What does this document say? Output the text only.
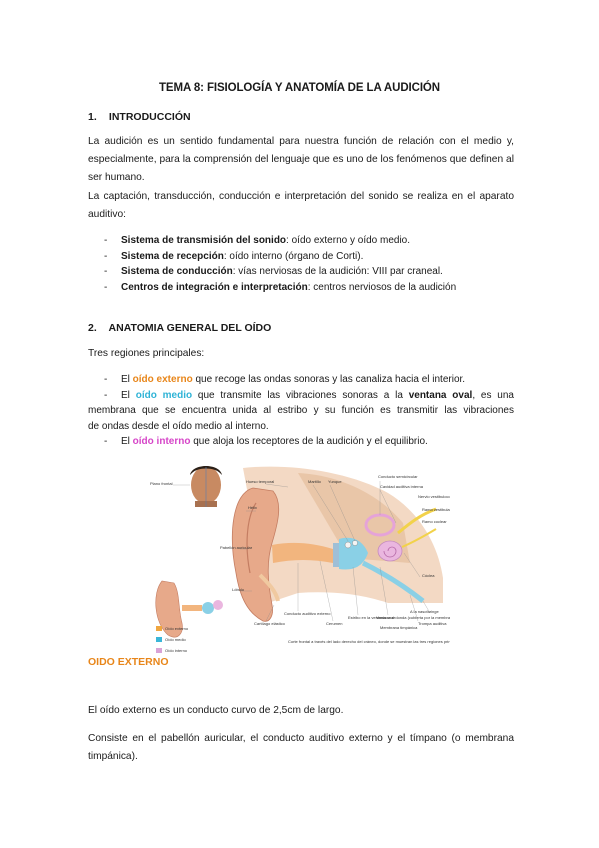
TEMA 8: FISIOLOGÍA Y ANATOMÍA DE LA AUDICIÓN
1. INTRODUCCIÓN
La audición es un sentido fundamental para nuestra función de relación con el medio y,
especialmente, para la comprensión del lenguaje que es uno de los fenómenos que definen al
ser humano.
La captación, transducción, conducción e interpretación del sonido se realiza en el aparato
auditivo:
- Sistema de transmisión del sonido: oído externo y oído medio.
- Sistema de recepción: oído interno (órgano de Corti).
- Sistema de conducción: vías nerviosas de la audición: VIII par craneal.
- Centros de integración e interpretación: centros nerviosos de la audición
2. ANATOMIA GENERAL DEL OÍDO
Tres regiones principales:
- El oído externo que recoge las ondas sonoras y las canaliza hacia el interior.
- El oído medio que transmite las vibraciones sonoras a la ventana oval, es una
membrana que se encuentra unida al estribo y su función es transmitir las vibraciones
de ondas desde el oído medio al interno.
- El oído interno que aloja los receptores de la audición y el equilibrio.
Oído externo
Oído medio
Oído interno
Plano frontal	Hueso temporal	Martillo Yunque
Conducto semicircular
Cavidad auditiva interna
Nervio vestibuloc
Ramo vestibular
Ramo coclear
Hélix
Pabellón auricular
Lóbulo
Cartílago elástico
Conducto auditivo externo
Cerumen
Estribo en la ventana oval
Ventana redonda (cubierta por la membra
Membrana timpánica
Cóclea
A la nasofaringe
Trompa auditiva
Corte frontal a través del lado derecho del cráneo, donde se muestran las tres regiones pri
OIDO EXTERNO
El oído externo es un conducto curvo de 2,5cm de largo.
Consiste en el pabellón auricular, el conducto auditivo externo y el tímpano (o membrana
timpánica).
